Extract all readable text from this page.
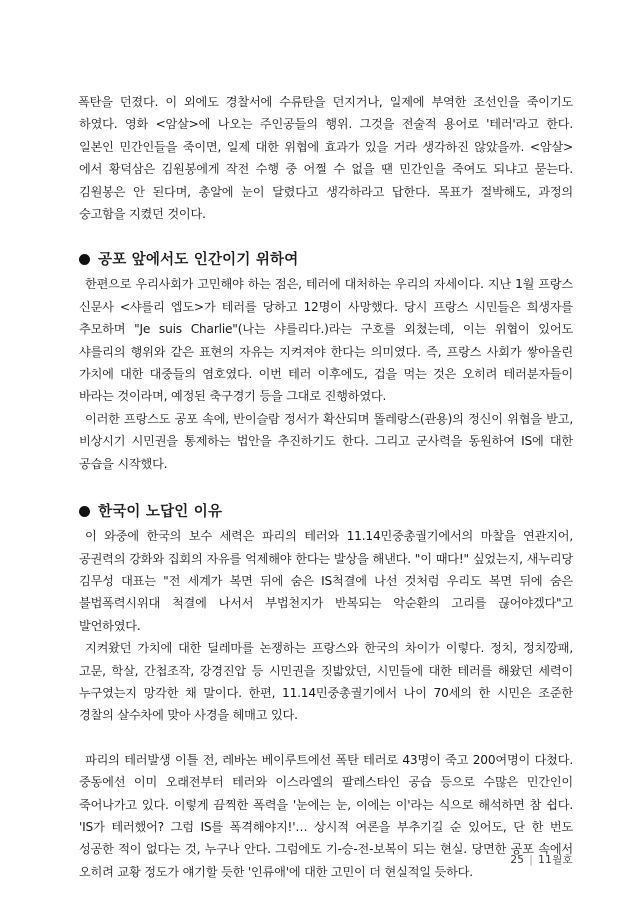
폭탄을 던졌다. 이 외에도 경찰서에 수류탄을 던지거나, 일제에 부역한 조선인을 죽이기도 하였다. 영화 <암살>에 나오는 주인공들의 행위. 그것을 전술적 용어로 '테러'라고 한다. 일본인 민간인들을 죽이면, 일제 대한 위협에 효과가 있을 거라 생각하진 않았을까. <암살>에서 황덕삼은 김원봉에게 작전 수행 중 어쩔 수 없을 땐 민간인을 죽여도 되냐고 묻는다. 김원봉은 안 된다며, 총알에 눈이 달렸다고 생각하라고 답한다. 목표가 절박해도, 과정의 숭고함을 지켰던 것이다.

공포 앞에서도 인간이기 위하여

한편으로 우리사회가 고민해야 하는 점은, 테러에 대처하는 우리의 자세이다. 지난 1월 프랑스 신문사 <샤를리 엡도>가 테러를 당하고 12명이 사망했다. 당시 프랑스 시민들은 희생자를 추모하며 "Je suis Charlie"(나는 샤를리다.)라는 구호를 외쳤는데, 이는 위협이 있어도 샤를리의 행위와 같은 표현의 자유는 지켜져야 한다는 의미였다. 즉, 프랑스 사회가 쌓아올린 가치에 대한 대중들의 염호였다. 이번 테러 이후에도, 겁을 먹는 것은 오히려 테러분자들이 바라는 것이라며, 예정된 축구경기 등을 그대로 진행하였다.

이러한 프랑스도 공포 속에, 반이슬람 정서가 확산되며 똘레랑스(관용)의 정신이 위협을 받고, 비상시기 시민권을 통제하는 법안을 추진하기도 한다. 그리고 군사력을 동원하여 IS에 대한 공습을 시작했다.

한국이 노답인 이유

이 와중에 한국의 보수 세력은 파리의 테러와 11.14민중총궐기에서의 마찰을 연관지어, 공권력의 강화와 집회의 자유를 억제해야 한다는 발상을 해낸다. "이 때다!" 싶었는지, 새누리당 김무성 대표는 "전 세계가 복면 뒤에 숨은 IS척결에 나선 것처럼 우리도 복면 뒤에 숨은 불법폭력시위대 척결에 나서서 부법천지가 반복되는 악순환의 고리를 끊어야겠다"고 발언하였다.

지켜왔던 가치에 대한 딜레마를 논쟁하는 프랑스와 한국의 차이가 이렇다. 정치, 정치깡패, 고문, 학살, 간첩조작, 강경진압 등 시민권을 짓밟았던, 시민들에 대한 테러를 해왔던 세력이 누구였는지 망각한 채 말이다. 한편, 11.14민중총궐기에서 나이 70세의 한 시민은 조준한 경찰의 살수차에 맞아 사경을 헤매고 있다.

파리의 테러발생 이틀 전, 레바논 베이루트에선 폭탄 테러로 43명이 죽고 200여명이 다쳤다. 중동에선 이미 오래전부터 테러와 이스라엘의 팔레스타인 공습 등으로 수많은 민간인이 죽어나가고 있다. 이렇게 끔찍한 폭력을 '눈에는 눈, 이에는 이'라는 식으로 해석하면 참 쉽다. 'IS가 테러했어? 그럼 IS를 폭격해야지!'… 상시적 여론을 부추기길 순 있어도, 단 한 번도 성공한 적이 없다는 것, 누구나 안다. 그럼에도 기-승-전-보복이 되는 현실. 당면한 공포 속에서 오히려 교황 정도가 얘기할 듯한 '인류애'에 대한 고민이 더 현실적일 듯하다.

25 | 11월호
